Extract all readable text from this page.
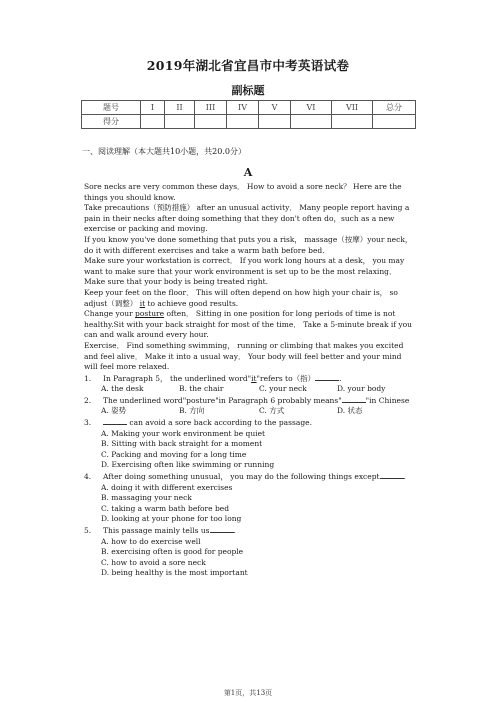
2019年湖北省宜昌市中考英语试卷
副标题
题号	I	II	III	IV	V	VI	VII	总分
得分								
一、阅读理解（本大题共10小题，共20.0分）
A

Sore necks are very common these days． How to avoid a sore neck？ Here are the things you should know.

Take precautions（预防措施） after an unusual activity． Many people report having a pain in their necks after doing something that they don't often do，such as a new exercise or packing and moving.

If you know you've done something that puts you a risk， massage（按摩）your neck， do it with different exercises and take a warm bath before bed.

Make sure your workstation is correct． If you work long hours at a desk， you may want to make sure that your work environment is set up to be the most relaxing． Make sure that your body is being treated right.

Keep your feet on the floor． This will often depend on how high your chair is， so adjust（调整） it to achieve good results.

Change your posture often． Sitting in one position for long periods of time is not healthy.Sit with your back straight for most of the time． Take a 5-minute break if you can and walk around every hour.

Exercise． Find something swimming， running or climbing that makes you excited and feel alive． Make it into a usual way． Your body will feel better and your mind will feel more relaxed.

1. In Paragraph 5， the underlined word"it"refers to（指）	.
A. the desk	B. the chair	C. your neck	D. your body
2. The underlined word"posture"in Paragraph 6 probably means"	"in Chinese
A. 姿势	B. 方向	C. 方式	D. 状态
3.	can avoid a sore back according to the passage.

A. Making your work environment be quiet

B. Sitting with back straight for a moment

C. Packing and moving for a long time

D. Exercising often like swimming or running

4. After doing something unusual， you may do the following things except	.

A. doing it with different exercises

B. massaging your neck

C. taking a warm bath before bed

D. looking at your phone for too long

5. This passage mainly tells us	.

A. how to do exercise well

B. exercising often is good for people

C. how to avoid a sore neck

D. being healthy is the most important

第1页，共13页
